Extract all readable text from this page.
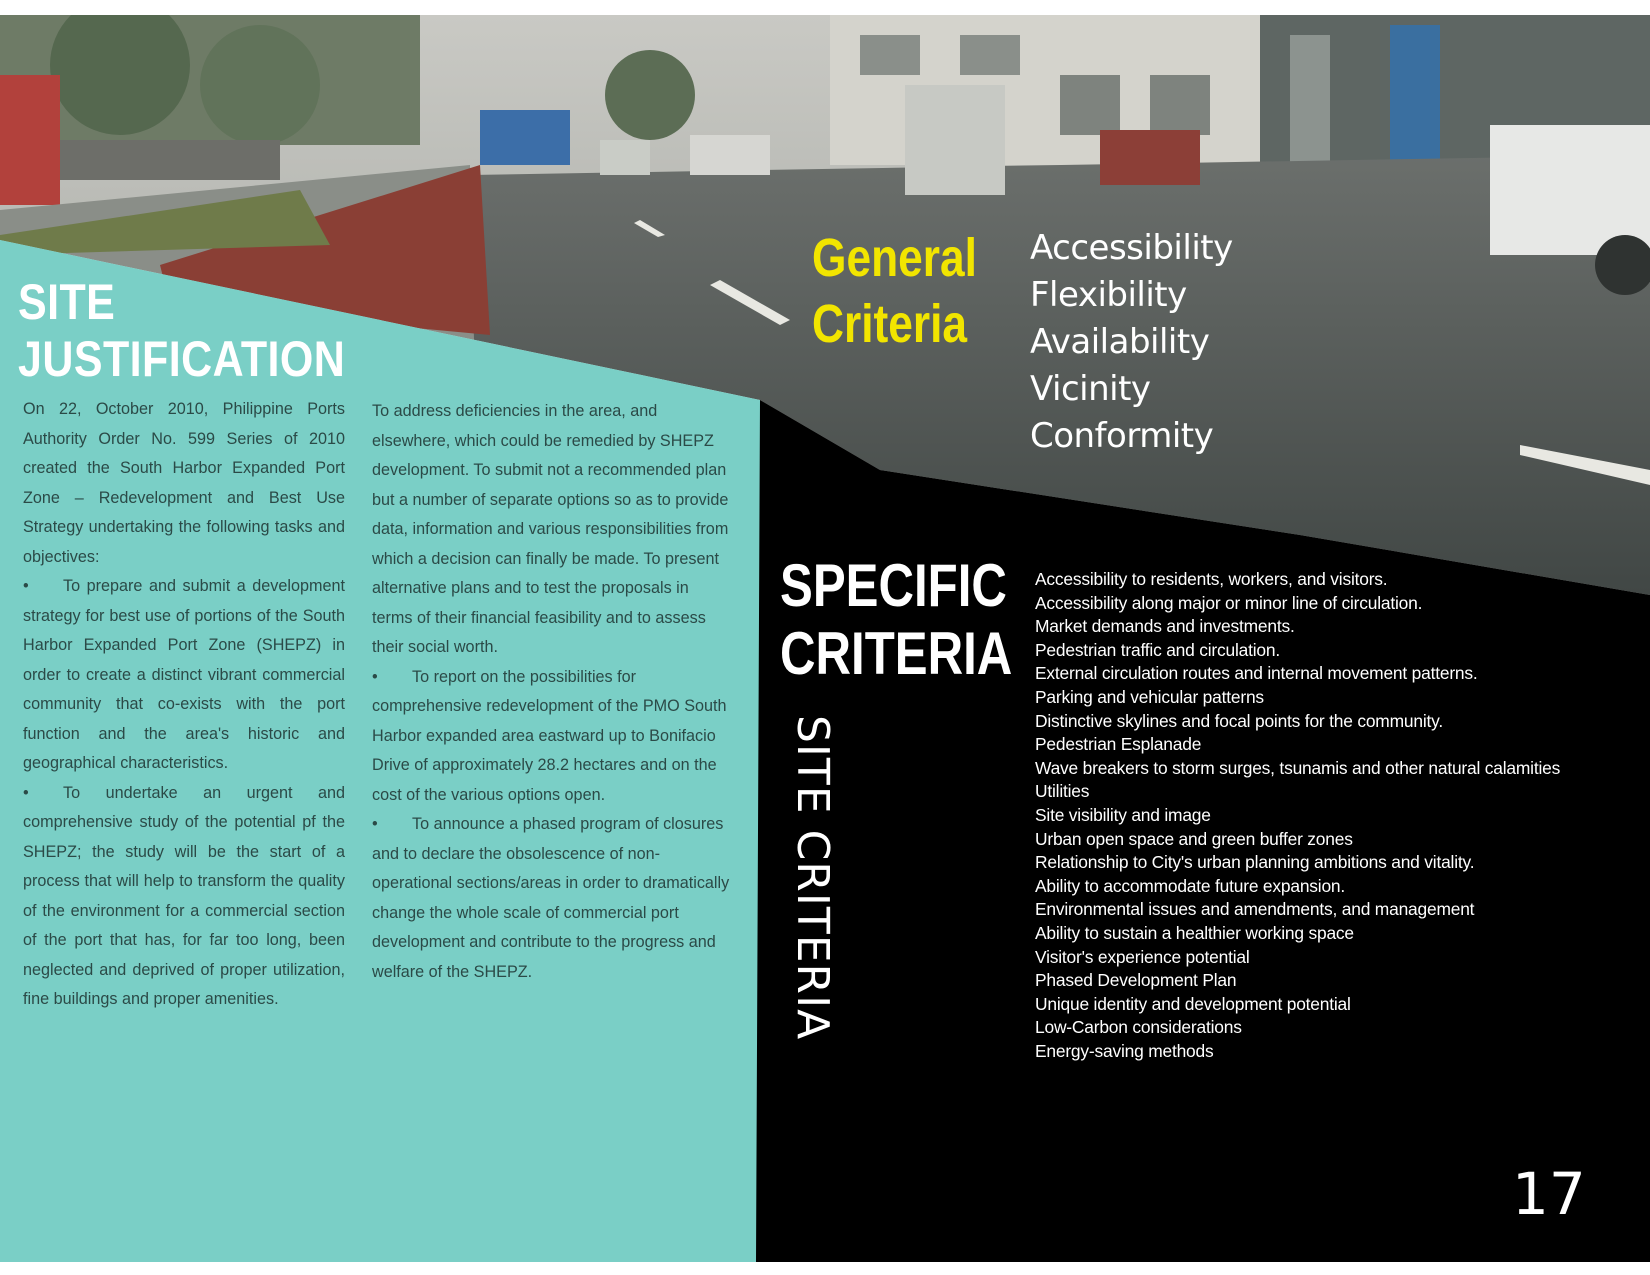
SITE
JUSTIFICATION

On 22, October 2010, Philippine Ports Authority Order No. 599 Series of 2010 created the South Harbor Expanded Port Zone – Redevelopment and Best Use Strategy undertaking the following tasks and objectives:

• To prepare and submit a development strategy for best use of portions of the South Harbor Expanded Port Zone (SHEPZ) in order to create a distinct vibrant commercial community that co-exists with the port function and the area's historic and geographical characteristics.

• To undertake an urgent and comprehensive study of the potential pf the SHEPZ; the study will be the start of a process that will help to transform the quality of the environment for a commercial section of the port that has, for far too long, been neglected and deprived of proper utilization, fine buildings and proper amenities.

To address deficiencies in the area, and elsewhere, which could be remedied by SHEPZ development. To submit not a recommended plan but a number of separate options so as to provide data, information and various responsibilities from which a decision can finally be made. To present alternative plans and to test the proposals in terms of their financial feasibility and to assess their social worth.

• To report on the possibilities for comprehensive redevelopment of the PMO South Harbor expanded area eastward up to Bonifacio Drive of approximately 28.2 hectares and on the cost of the various options open.

• To announce a phased program of closures and to declare the obsolescence of non-operational sections/areas in order to dramatically change the whole scale of commercial port development and contribute to the progress and welfare of the SHEPZ.

General
Criteria
Accessibility
Flexibility
Availability
Vicinity
Conformity
SPECIFIC
CRITERIA
SITE CRITERIA
Accessibility to residents, workers, and visitors.
Accessibility along major or minor line of circulation.
Market demands and investments.
Pedestrian traffic and circulation.
External circulation routes and internal movement patterns.
Parking and vehicular patterns
Distinctive skylines and focal points for the community.
Pedestrian Esplanade
Wave breakers to storm surges, tsunamis and other natural calamities
Utilities
Site visibility and image
Urban open space and green buffer zones
Relationship to City's urban planning ambitions and vitality.
Ability to accommodate future expansion.
Environmental issues and amendments, and management
Ability to sustain a healthier working space
Visitor's experience potential
Phased Development Plan
Unique identity and development potential
Low-Carbon considerations
Energy-saving methods
17
